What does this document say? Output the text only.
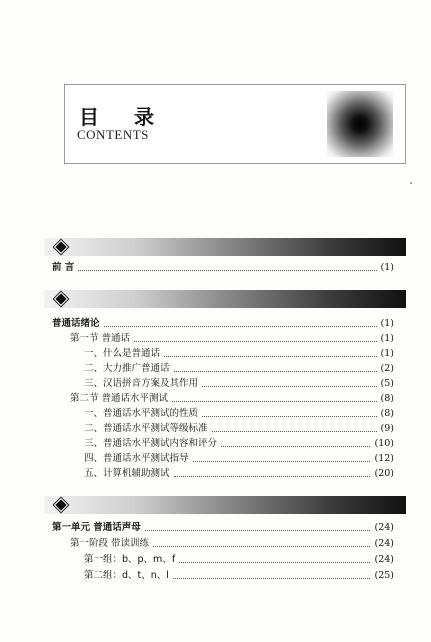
目 录
CONTENTS
前 言	(1)
普通话绪论	(1)
第一节 普通话	(1)
一、什么是普通话	(1)
二、大力推广普通话	(2)
三、汉语拼音方案及其作用	(5)
第二节 普通话水平测试	(8)
一、普通话水平测试的性质	(8)
二、普通话水平测试等级标准	(9)
三、普通话水平测试内容和评分	(10)
四、普通话水平测试指导	(12)
五、计算机辅助测试	(20)
第一单元 普通话声母	(24)
第一阶段 带读训练	(24)
第一组：b、p、m、f	(24)
第二组：d、t、n、l	(25)
